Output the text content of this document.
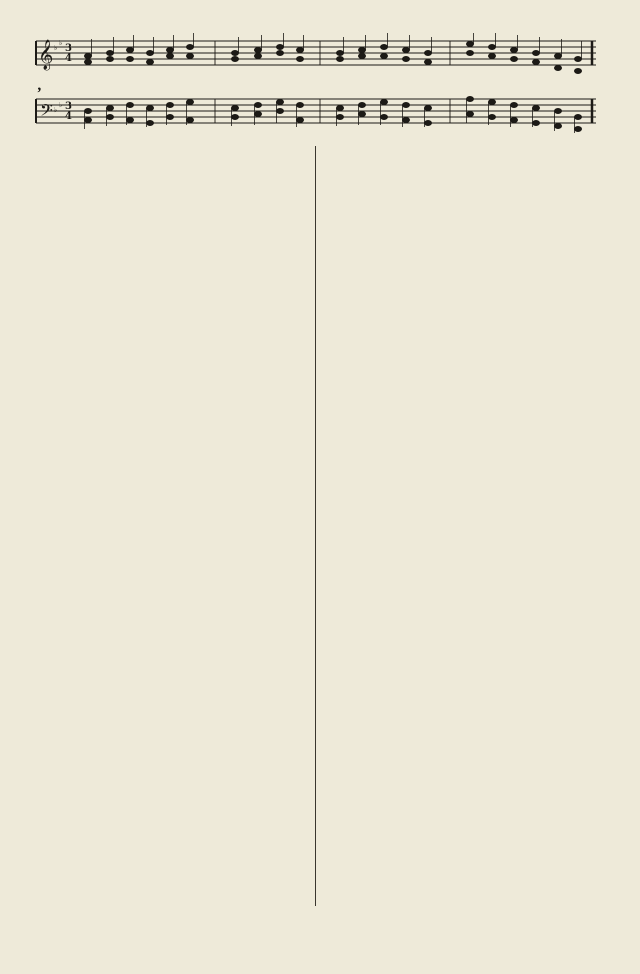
𝄞
𝄢
♭
♭
♭
♭
3
4
3
4
,
